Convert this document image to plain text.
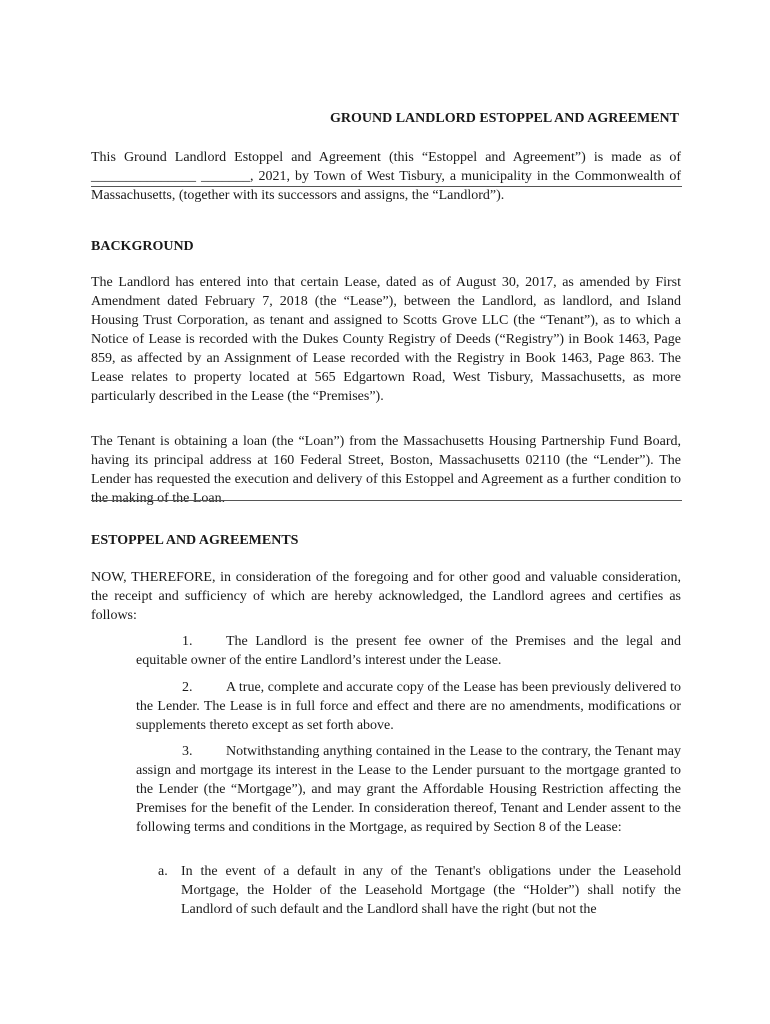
GROUND LANDLORD ESTOPPEL AND AGREEMENT
This Ground Landlord Estoppel and Agreement (this “Estoppel and Agreement”) is made as of _______________ _______, 2021, by Town of West Tisbury, a municipality in the Commonwealth of Massachusetts, (together with its successors and assigns, the “Landlord”).
BACKGROUND
The Landlord has entered into that certain Lease, dated as of August 30, 2017, as amended by First Amendment dated February 7, 2018 (the “Lease”), between the Landlord, as landlord, and Island Housing Trust Corporation, as tenant and assigned to Scotts Grove LLC (the “Tenant”), as to which a Notice of Lease is recorded with the Dukes County Registry of Deeds (“Registry”) in Book 1463, Page 859, as affected by an Assignment of Lease recorded with the Registry in Book 1463, Page 863. The Lease relates to property located at 565 Edgartown Road, West Tisbury, Massachusetts, as more particularly described in the Lease (the “Premises”).
The Tenant is obtaining a loan (the “Loan”) from the Massachusetts Housing Partnership Fund Board, having its principal address at 160 Federal Street, Boston, Massachusetts 02110 (the “Lender”). The Lender has requested the execution and delivery of this Estoppel and Agreement as a further condition to the making of the Loan.
ESTOPPEL AND AGREEMENTS
NOW, THEREFORE, in consideration of the foregoing and for other good and valuable consideration, the receipt and sufficiency of which are hereby acknowledged, the Landlord agrees and certifies as follows:
1. The Landlord is the present fee owner of the Premises and the legal and equitable owner of the entire Landlord’s interest under the Lease.
2. A true, complete and accurate copy of the Lease has been previously delivered to the Lender. The Lease is in full force and effect and there are no amendments, modifications or supplements thereto except as set forth above.
3. Notwithstanding anything contained in the Lease to the contrary, the Tenant may assign and mortgage its interest in the Lease to the Lender pursuant to the mortgage granted to the Lender (the “Mortgage”), and may grant the Affordable Housing Restriction affecting the Premises for the benefit of the Lender. In consideration thereof, Tenant and Lender assent to the following terms and conditions in the Mortgage, as required by Section 8 of the Lease:
a. In the event of a default in any of the Tenant's obligations under the Leasehold Mortgage, the Holder of the Leasehold Mortgage (the “Holder”) shall notify the Landlord of such default and the Landlord shall have the right (but not the
